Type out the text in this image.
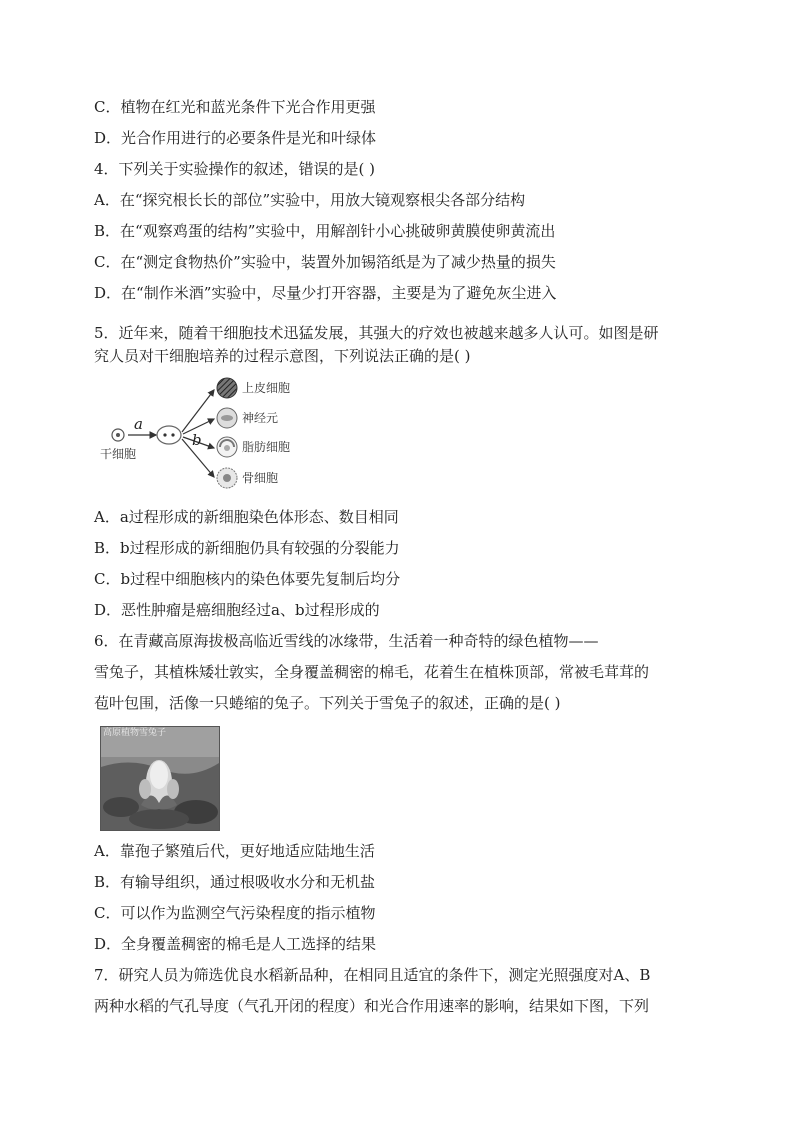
C．植物在红光和蓝光条件下光合作用更强
D．光合作用进行的必要条件是光和叶绿体
4．下列关于实验操作的叙述，错误的是( )
A．在“探究根长长的部位”实验中，用放大镜观察根尖各部分结构
B．在“观察鸡蛋的结构”实验中，用解剖针小心挑破卵黄膜使卵黄流出
C．在“测定食物热价”实验中，装置外加锡箔纸是为了减少热量的损失
D．在“制作米酒”实验中，尽量少打开容器，主要是为了避免灰尘进入
5．近年来，随着干细胞技术迅猛发展，其强大的疗效也被越来越多人认可。如图是研
究人员对干细胞培养的过程示意图，下列说法正确的是( )
a
b
干细胞
上皮细胞
神经元
脂肪细胞
骨细胞
A．a过程形成的新细胞染色体形态、数目相同
B．b过程形成的新细胞仍具有较强的分裂能力
C．b过程中细胞核内的染色体要先复制后均分
D．恶性肿瘤是癌细胞经过a、b过程形成的
6．在青藏高原海拔极高临近雪线的冰缘带，生活着一种奇特的绿色植物——
雪兔子，其植株矮壮敦实，全身覆盖稠密的棉毛，花着生在植株顶部，常被毛茸茸的
苞叶包围，活像一只蜷缩的兔子。下列关于雪兔子的叙述，正确的是( )
高原植物雪兔子
A．靠孢子繁殖后代，更好地适应陆地生活
B．有输导组织，通过根吸收水分和无机盐
C．可以作为监测空气污染程度的指示植物
D．全身覆盖稠密的棉毛是人工选择的结果
7．研究人员为筛选优良水稻新品种，在相同且适宜的条件下，测定光照强度对A、B
两种水稻的气孔导度（气孔开闭的程度）和光合作用速率的影响，结果如下图，下列
